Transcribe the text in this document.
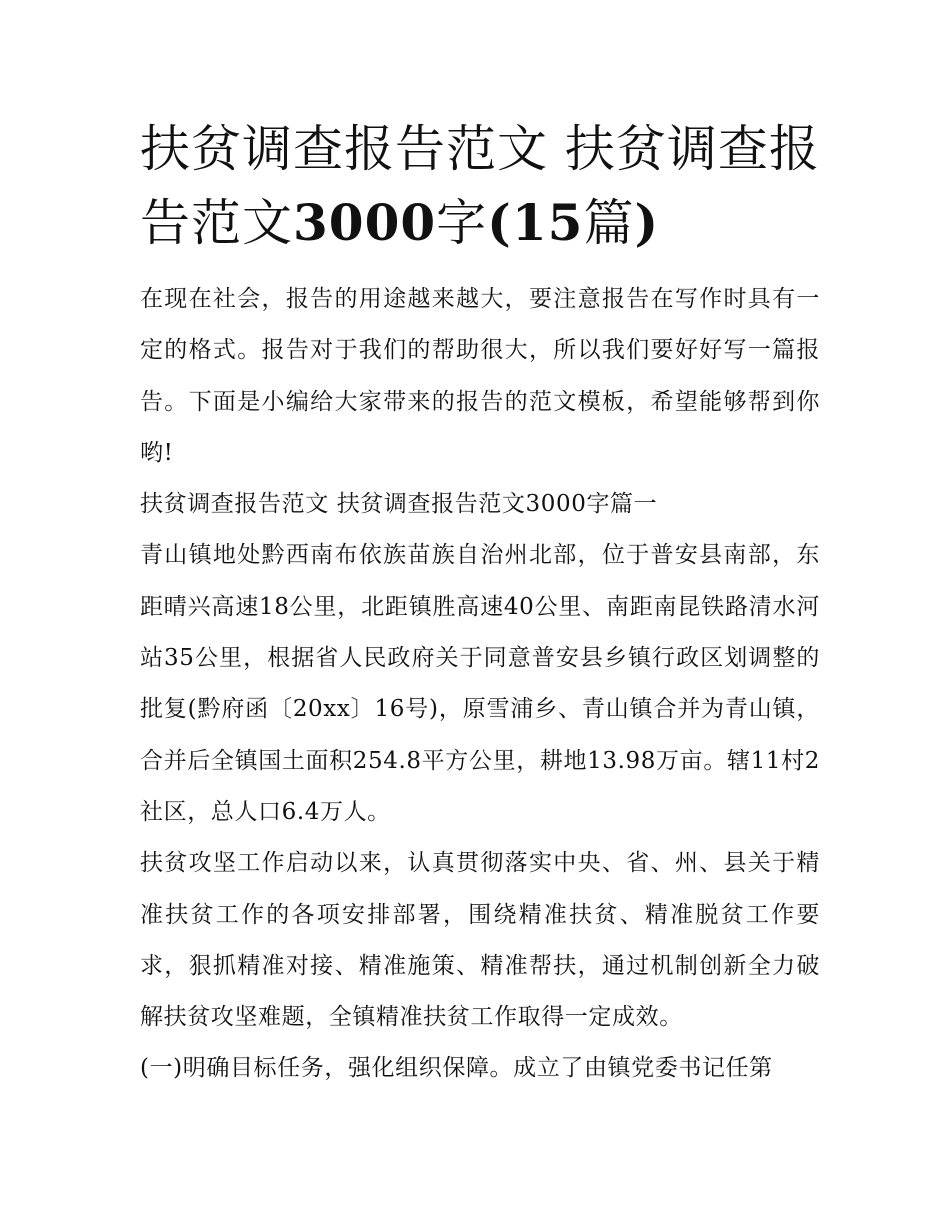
扶贫调查报告范文 扶贫调查报告范文3000字(15篇)

在现在社会，报告的用途越来越大，要注意报告在写作时具有一定的格式。报告对于我们的帮助很大，所以我们要好好写一篇报告。下面是小编给大家带来的报告的范文模板，希望能够帮到你哟!

扶贫调查报告范文 扶贫调查报告范文3000字篇一

青山镇地处黔西南布依族苗族自治州北部，位于普安县南部，东距晴兴高速18公里，北距镇胜高速40公里、南距南昆铁路清水河站35公里，根据省人民政府关于同意普安县乡镇行政区划调整的批复(黔府函〔20xx〕16号)，原雪浦乡、青山镇合并为青山镇，合并后全镇国土面积254.8平方公里，耕地13.98万亩。辖11村2社区，总人口6.4万人。

扶贫攻坚工作启动以来，认真贯彻落实中央、省、州、县关于精准扶贫工作的各项安排部署，围绕精准扶贫、精准脱贫工作要求，狠抓精准对接、精准施策、精准帮扶，通过机制创新全力破解扶贫攻坚难题，全镇精准扶贫工作取得一定成效。

(一)明确目标任务，强化组织保障。成立了由镇党委书记任第
